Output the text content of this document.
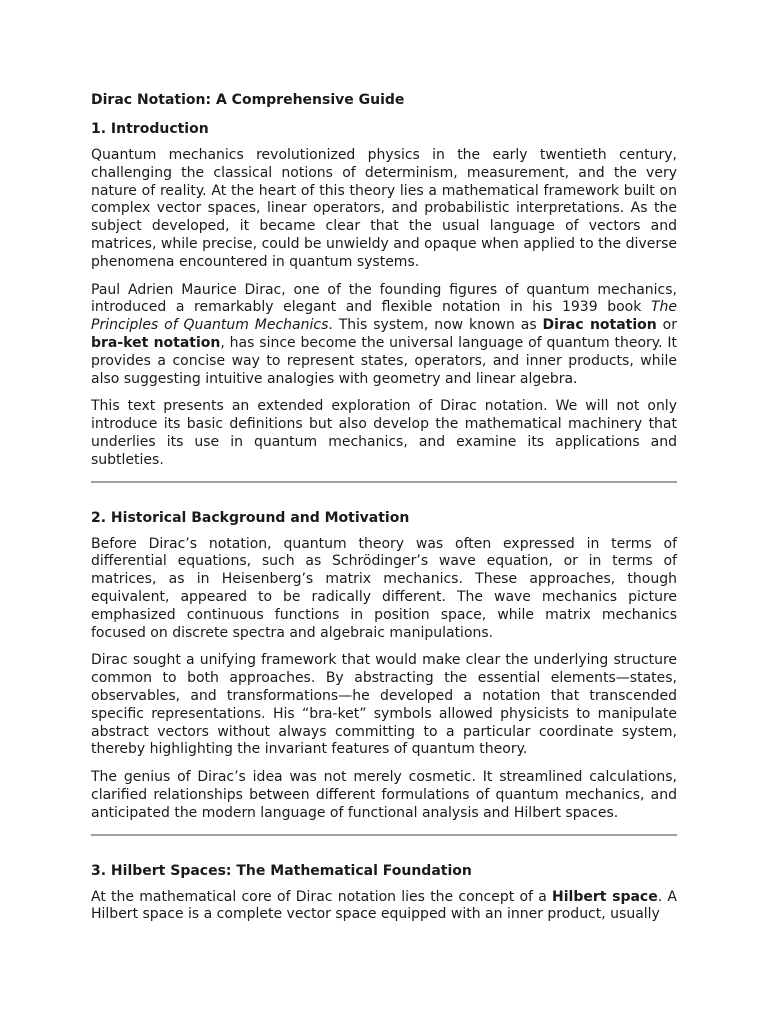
Dirac Notation: A Comprehensive Guide
1. Introduction

Quantum mechanics revolutionized physics in the early twentieth century, challenging the classical notions of determinism, measurement, and the very nature of reality. At the heart of this theory lies a mathematical framework built on complex vector spaces, linear operators, and probabilistic interpretations. As the subject developed, it became clear that the usual language of vectors and matrices, while precise, could be unwieldy and opaque when applied to the diverse phenomena encountered in quantum systems.

Paul Adrien Maurice Dirac, one of the founding figures of quantum mechanics, introduced a remarkably elegant and flexible notation in his 1939 book The Principles of Quantum Mechanics. This system, now known as Dirac notation or bra-ket notation, has since become the universal language of quantum theory. It provides a concise way to represent states, operators, and inner products, while also suggesting intuitive analogies with geometry and linear algebra.

This text presents an extended exploration of Dirac notation. We will not only introduce its basic definitions but also develop the mathematical machinery that underlies its use in quantum mechanics, and examine its applications and subtleties.

2. Historical Background and Motivation

Before Dirac’s notation, quantum theory was often expressed in terms of differential equations, such as Schrödinger’s wave equation, or in terms of matrices, as in Heisenberg’s matrix mechanics. These approaches, though equivalent, appeared to be radically different. The wave mechanics picture emphasized continuous functions in position space, while matrix mechanics focused on discrete spectra and algebraic manipulations.

Dirac sought a unifying framework that would make clear the underlying structure common to both approaches. By abstracting the essential elements—states, observables, and transformations—he developed a notation that transcended specific representations. His “bra-ket” symbols allowed physicists to manipulate abstract vectors without always committing to a particular coordinate system, thereby highlighting the invariant features of quantum theory.

The genius of Dirac’s idea was not merely cosmetic. It streamlined calculations, clarified relationships between different formulations of quantum mechanics, and anticipated the modern language of functional analysis and Hilbert spaces.

3. Hilbert Spaces: The Mathematical Foundation

At the mathematical core of Dirac notation lies the concept of a Hilbert space. A Hilbert space is a complete vector space equipped with an inner product, usually
